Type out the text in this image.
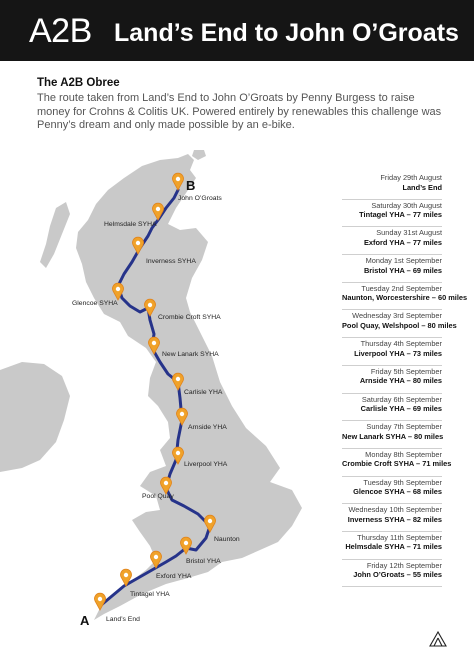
A2B Land’s End to John O’Groats
The A2B Obree
The route taken from Land’s End to John O’Groats by Penny Burgess to raise money for Crohns & Colitis UK. Powered entirely by renewables this challenge was Penny’s dream and only made possible by an e-bike.
John O’Groats
Helmsdale SYHA
Inverness SYHA
Glencoe SYHA
Crombie Croft SYHA
New Lanark SYHA
Carlisle YHA
Arnside YHA
Liverpool YHA
Pool Quay
Naunton
Bristol YHA
Exford YHA
Tintagel YHA
Land’s End
B
A
Friday 29th August
Land’s End
Saturday 30th August
Tintagel YHA – 77 miles
Sunday 31st August
Exford YHA – 77 miles
Monday 1st September
Bristol YHA – 69 miles
Tuesday 2nd September
Naunton, Worcestershire – 60 miles
Wednesday 3rd September
Pool Quay, Welshpool – 80 miles
Thursday 4th September
Liverpool YHA – 73 miles
Friday 5th September
Arnside YHA – 80 miles
Saturday 6th September
Carlisle YHA – 69 miles
Sunday 7th September
New Lanark SYHA – 80 miles
Monday 8th September
Crombie Croft SYHA – 71 miles
Tuesday 9th September
Glencoe SYHA – 68 miles
Wednesday 10th September
Inverness SYHA – 82 miles
Thursday 11th September
Helmsdale SYHA – 71 miles
Friday 12th September
John O’Groats – 55 miles
